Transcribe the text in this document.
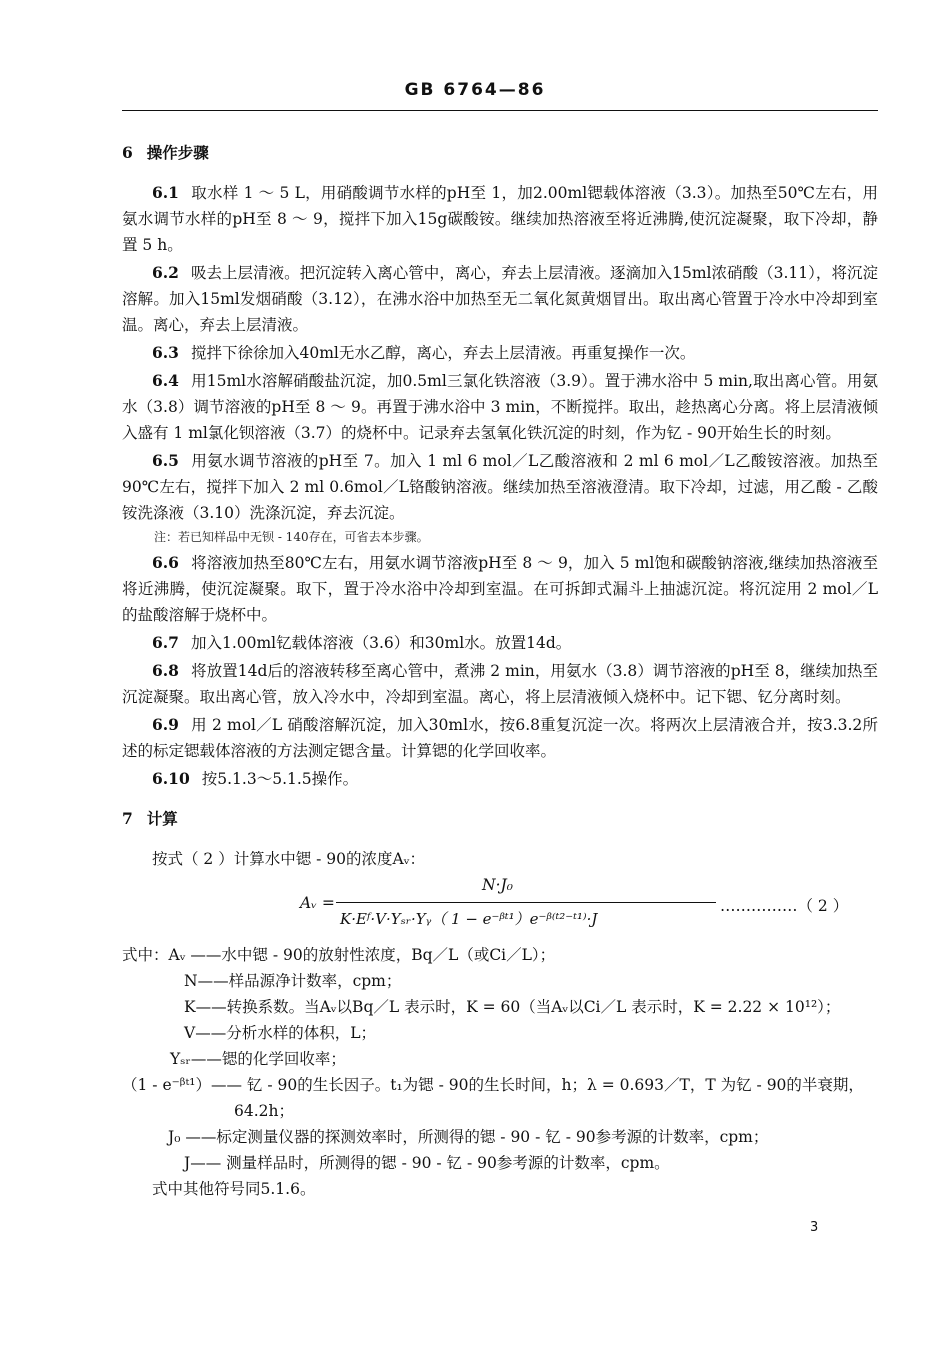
GB 6764—86
6 操作步骤

6.1 取水样 1 ～ 5 L，用硝酸调节水样的pH至 1，加2.00ml锶载体溶液（3.3）。加热至50℃左右，用氨水调节水样的pH至 8 ～ 9，搅拌下加入15g碳酸铵。继续加热溶液至将近沸腾,使沉淀凝聚，取下冷却，静置 5 h。

6.2 吸去上层清液。把沉淀转入离心管中，离心，弃去上层清液。逐滴加入15ml浓硝酸（3.11），将沉淀溶解。加入15ml发烟硝酸（3.12），在沸水浴中加热至无二氧化氮黄烟冒出。取出离心管置于冷水中冷却到室温。离心，弃去上层清液。

6.3 搅拌下徐徐加入40ml无水乙醇，离心，弃去上层清液。再重复操作一次。

6.4 用15ml水溶解硝酸盐沉淀，加0.5ml三氯化铁溶液（3.9）。置于沸水浴中 5 min,取出离心管。用氨水（3.8）调节溶液的pH至 8 ～ 9。再置于沸水浴中 3 min，不断搅拌。取出，趁热离心分离。将上层清液倾入盛有 1 ml氯化钡溶液（3.7）的烧杯中。记录弃去氢氧化铁沉淀的时刻，作为钇 - 90开始生长的时刻。

6.5 用氨水调节溶液的pH至 7。加入 1 ml 6 mol／L乙酸溶液和 2 ml 6 mol／L乙酸铵溶液。加热至90℃左右，搅拌下加入 2 ml 0.6mol／L铬酸钠溶液。继续加热至溶液澄清。取下冷却，过滤，用乙酸 - 乙酸铵洗涤液（3.10）洗涤沉淀，弃去沉淀。

注：若已知样品中无钡 - 140存在，可省去本步骤。

6.6 将溶液加热至80℃左右，用氨水调节溶液pH至 8 ～ 9，加入 5 ml饱和碳酸钠溶液,继续加热溶液至将近沸腾，使沉淀凝聚。取下，置于冷水浴中冷却到室温。在可拆卸式漏斗上抽滤沉淀。将沉淀用 2 mol／L的盐酸溶解于烧杯中。

6.7 加入1.00ml钇载体溶液（3.6）和30ml水。放置14d。

6.8 将放置14d后的溶液转移至离心管中，煮沸 2 min，用氨水（3.8）调节溶液的pH至 8，继续加热至沉淀凝聚。取出离心管，放入冷水中，冷却到室温。离心，将上层清液倾入烧杯中。记下锶、钇分离时刻。

6.9 用 2 mol／L 硝酸溶解沉淀，加入30ml水，按6.8重复沉淀一次。将两次上层清液合并，按3.3.2所述的标定锶载体溶液的方法测定锶含量。计算锶的化学回收率。

6.10 按5.1.3～5.1.5操作。

7 计算

按式（ 2 ）计算水中锶 - 90的浓度Aᵥ：

Aᵥ =
N·J₀
K·Eᶠ·V·Yₛᵣ·Yᵧ（ 1 − e⁻ᵝᵗ¹）e⁻ᵝ⁽ᵗ²⁻ᵗ¹⁾·J
……………（ 2 ）

式中：Aᵥ ——水中锶 - 90的放射性浓度，Bq／L（或Ci／L）；

N——样品源净计数率，cpm；

K——转换系数。当Aᵥ以Bq／L 表示时，K = 60（当Aᵥ以Ci／L 表示时，K = 2.22 × 10¹²）；

V——分析水样的体积，L；

Yₛᵣ——锶的化学回收率；

（1 - e⁻ᵝᵗ¹）—— 钇 - 90的生长因子。t₁为锶 - 90的生长时间，h；λ = 0.693／T，T 为钇 - 90的半衰期，

64.2h；

J₀ ——标定测量仪器的探测效率时，所测得的锶 - 90 - 钇 - 90参考源的计数率，cpm；

J—— 测量样品时，所测得的锶 - 90 - 钇 - 90参考源的计数率，cpm。

式中其他符号同5.1.6。

3
